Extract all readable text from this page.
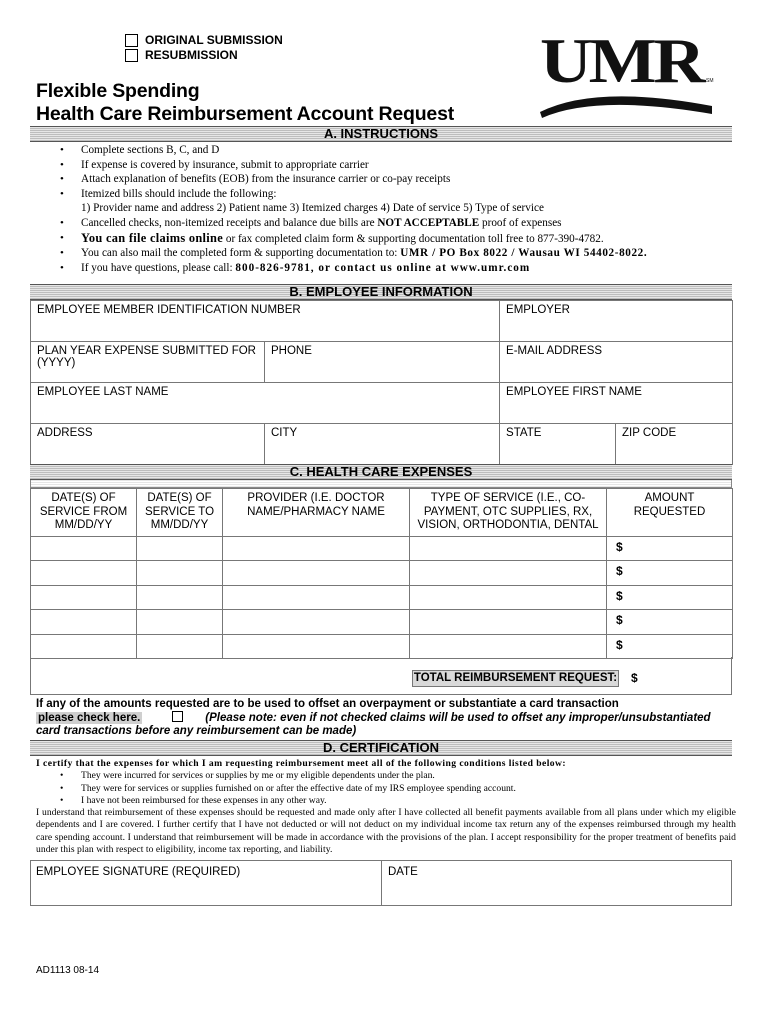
ORIGINAL SUBMISSION
RESUBMISSION	UMR SM
Flexible Spending
Health Care Reimbursement Account Request
A. INSTRUCTIONS
• Complete sections B, C, and D
• If expense is covered by insurance, submit to appropriate carrier
• Attach explanation of benefits (EOB) from the insurance carrier or co-pay receipts
• Itemized bills should include the following:
1) Provider name and address 2) Patient name 3) Itemized charges 4) Date of service 5) Type of service
• Cancelled checks, non-itemized receipts and balance due bills are NOT ACCEPTABLE proof of expenses
• You can file claims online or fax completed claim form & supporting documentation toll free to 877-390-4782.
• You can also mail the completed form & supporting documentation to: UMR / PO Box 8022 / Wausau WI 54402-8022.
• If you have questions, please call: 800-826-9781, or contact us online at www.umr.com
B. EMPLOYEE INFORMATION
EMPLOYEE MEMBER IDENTIFICATION NUMBER		EMPLOYER	
PLAN YEAR EXPENSE SUBMITTED FOR (YYYY)	PHONE	E-MAIL ADDRESS	
EMPLOYEE LAST NAME		EMPLOYEE FIRST NAME	
ADDRESS	CITY	STATE	ZIP CODE
C. HEALTH CARE EXPENSES
DATE(S) OF SERVICE FROM MM/DD/YY	DATE(S) OF SERVICE TO MM/DD/YY	PROVIDER (I.E. DOCTOR NAME/PHARMACY NAME	TYPE OF SERVICE (I.E., CO-PAYMENT, OTC SUPPLIES, RX, VISION, ORTHODONTIA, DENTAL	AMOUNT REQUESTED
				$
				$
				$
				$
				$
TOTAL REIMBURSEMENT REQUEST: $
If any of the amounts requested are to be used to offset an overpayment or substantiate a card transaction
please check here.	(Please note: even if not checked claims will be used to offset any improper/unsubstantiated
card transactions before any reimbursement can be made)
D. CERTIFICATION
I certify that the expenses for which I am requesting reimbursement meet all of the following conditions listed below:
• They were incurred for services or supplies by me or my eligible dependents under the plan.
• They were for services or supplies furnished on or after the effective date of my IRS employee spending account.
• I have not been reimbursed for these expenses in any other way.
I understand that reimbursement of these expenses should be requested and made only after I have collected all benefit payments available from all plans under which my eligible dependents and I are covered. I further certify that I have not deducted or will not deduct on my individual income tax return any of the expenses reimbursed through my health care spending account. I understand that reimbursement will be made in accordance with the provisions of the plan. I accept responsibility for the proper treatment of benefits paid under this plan with respect to eligibility, income tax reporting, and liability.
EMPLOYEE SIGNATURE (REQUIRED)	DATE
AD1113 08-14
